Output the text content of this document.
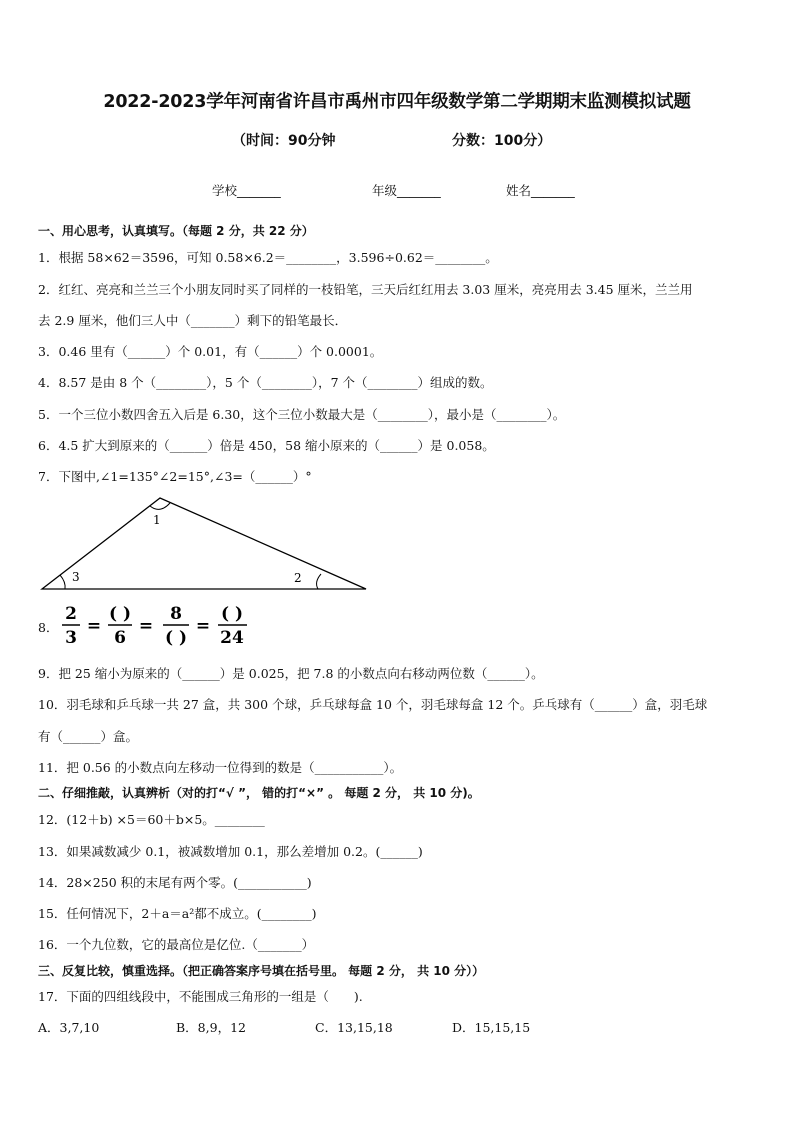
2022-2023学年河南省许昌市禹州市四年级数学第二学期期末监测模拟试题
（时间：90分钟	分数：100分）
学校_______	年级_______	姓名_______
一、用心思考，认真填写。（每题 2 分，共 22 分）
1．根据 58×62＝3596，可知 0.58×6.2＝________，3.596÷0.62＝________。
2．红红、亮亮和兰兰三个小朋友同时买了同样的一枝铅笔，三天后红红用去 3.03 厘米，亮亮用去 3.45 厘米，兰兰用
去 2.9 厘米，他们三人中（_______）剩下的铅笔最长．
3．0.46 里有（______）个 0.01，有（______）个 0.0001。
4．8.57 是由 8 个（________），5 个（________），7 个（________）组成的数。
5．一个三位小数四舍五入后是 6.30，这个三位小数最大是（________），最小是（________）。
6．4.5 扩大到原来的（______）倍是 450，58 缩小原来的（______）是 0.058。
7．下图中,∠1=135°∠2=15°,∠3=（______）°
1
2
3
8．
2
3
=
( )
6
=
8
( )
=
( )
24
9．把 25 缩小为原来的（______）是 0.025，把 7.8 的小数点向右移动两位数（______）。
10．羽毛球和乒乓球一共 27 盒，共 300 个球，乒乓球每盒 10 个，羽毛球每盒 12 个。乒乓球有（______）盒，羽毛球
有（______）盒。
11．把 0.56 的小数点向左移动一位得到的数是（___________）。
二、仔细推敲，认真辨析（对的打“√ ”， 错的打“×” 。 每题 2 分， 共 10 分)。
12．(12＋b) ×5＝60＋b×5。________
13．如果减数减少 0.1，被减数增加 0.1，那么差增加 0.2。(______)
14．28×250 积的末尾有两个零。(___________)
15．任何情况下，2＋a＝a²都不成立。(________)
16．一个九位数，它的最高位是亿位.（_______）
三、反复比较，慎重选择。（把正确答案序号填在括号里。 每题 2 分， 共 10 分））
17．下面的四组线段中，不能围成三角形的一组是（　　).
A．3,7,10	B．8,9，12	C．13,15,18	D．15,15,15
